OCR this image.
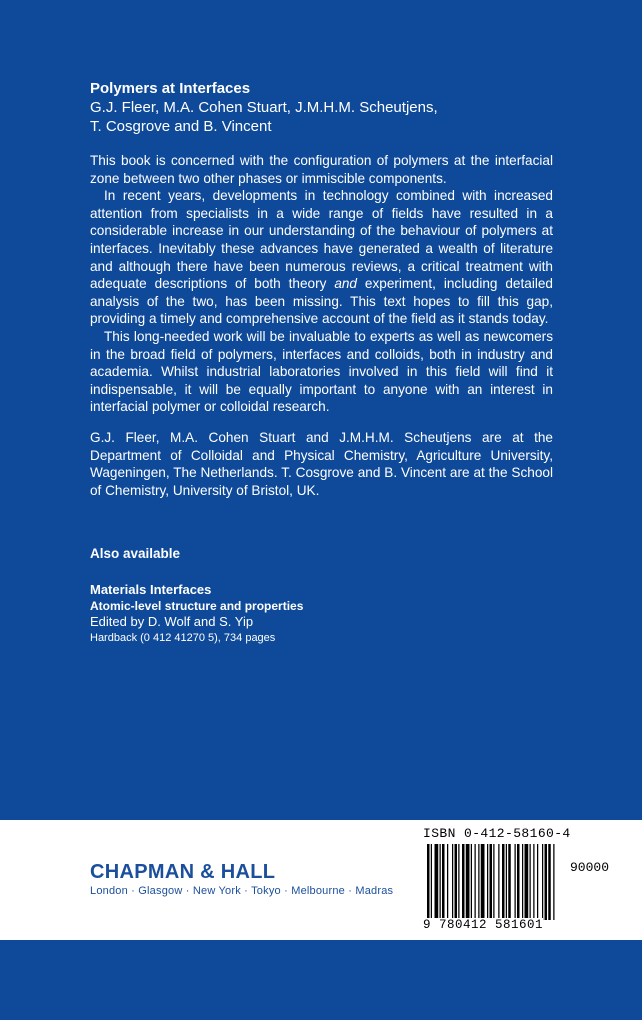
Polymers at Interfaces

G.J. Fleer, M.A. Cohen Stuart, J.M.H.M. Scheutjens,

T. Cosgrove and B. Vincent

This book is concerned with the configuration of polymers at the interfacial zone between two other phases or immiscible components.

In recent years, developments in technology combined with increased attention from specialists in a wide range of fields have resulted in a considerable increase in our understanding of the behaviour of polymers at interfaces. Inevitably these advances have generated a wealth of literature and although there have been numerous reviews, a critical treatment with adequate descriptions of both theory and experiment, including detailed analysis of the two, has been missing. This text hopes to fill this gap, providing a timely and comprehensive account of the field as it stands today.

This long-needed work will be invaluable to experts as well as newcomers in the broad field of polymers, interfaces and colloids, both in industry and academia. Whilst industrial laboratories involved in this field will find it indispensable, it will be equally important to anyone with an interest in interfacial polymer or colloidal research.

G.J. Fleer, M.A. Cohen Stuart and J.M.H.M. Scheutjens are at the Department of Colloidal and Physical Chemistry, Agriculture University, Wageningen, The Netherlands. T. Cosgrove and B. Vincent are at the School of Chemistry, University of Bristol, UK.

Also available
Materials Interfaces
Atomic-level structure and properties
Edited by D. Wolf and S. Yip
Hardback (0 412 41270 5), 734 pages
CHAPMAN & HALL
London · Glasgow · New York · Tokyo · Melbourne · Madras
ISBN 0-412-58160-4
90000
9 780412 581601
